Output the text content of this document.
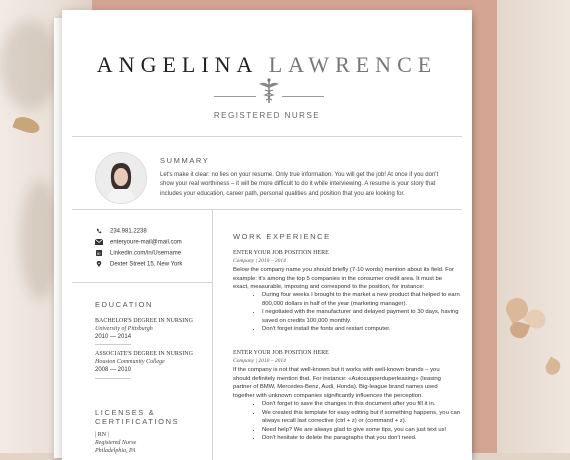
ANGELINA LAWRENCE
REGISTERED NURSE
SUMMARY
Let's make it clear: no lies on your resume. Only true information. You will get the job! At once if you don't show your real worthiness – it will be more difficult to do it while interviewing. A resume is your story that includes your education, career path, personal qualities and position that you are looking for.
234.981.2238
enteryoure-mail@mail.com
in Linkedin.com/in/Username
Dexter Street 15, New York
EDUCATION
BACHELOR'S DEGREE IN NURSING
University of Pittsburgh
2010 — 2014
ASSOCIATE'S DEGREE IN NURSING
Houston Community College
2008 — 2010
LICENSES &
CERTIFICATIONS
| RN |
Registered Nurse
Philadelphia, PA
WORK EXPERIENCE
ENTER YOUR JOB POSITION HERE
Company | 2010 – 2014
Below the company name you should briefly (7-10 words) mention about its field. For example: it's among the top 5 companies in the consumer credit area. It must be exact, measurable, imposing and correspond to the position, for instance:
• During four weeks I brought to the market a new product that helped to earn 800,000 dollars in half of the year (marketing manager).
• I negotiated with the manufacturer and delayed payment to 30 days, having saved on credits 100,000 monthly.
• Don't forget install the fonts and restart computer.
ENTER YOUR JOB POSITION HERE
Company | 2010 – 2014
If the company is not that well-known but it works with well-known brands – you should definitely mention that. For instance: «Autosupperduperleasing» (leasing partner of BMW, Mercedes-Benz, Audi, Honda). Big-league brand names used together with unknown companies significantly influences the perception.
• Don't forget to save the changes in this document after you fill it in.
• We created this template for easy editing but if something happens, you can always recall last corrective (ctrl + z) or (command + z).
• Need help? We are always glad to give some tips, you can just text us!
• Don't hesitate to delete the paragraphs that you don't need.
